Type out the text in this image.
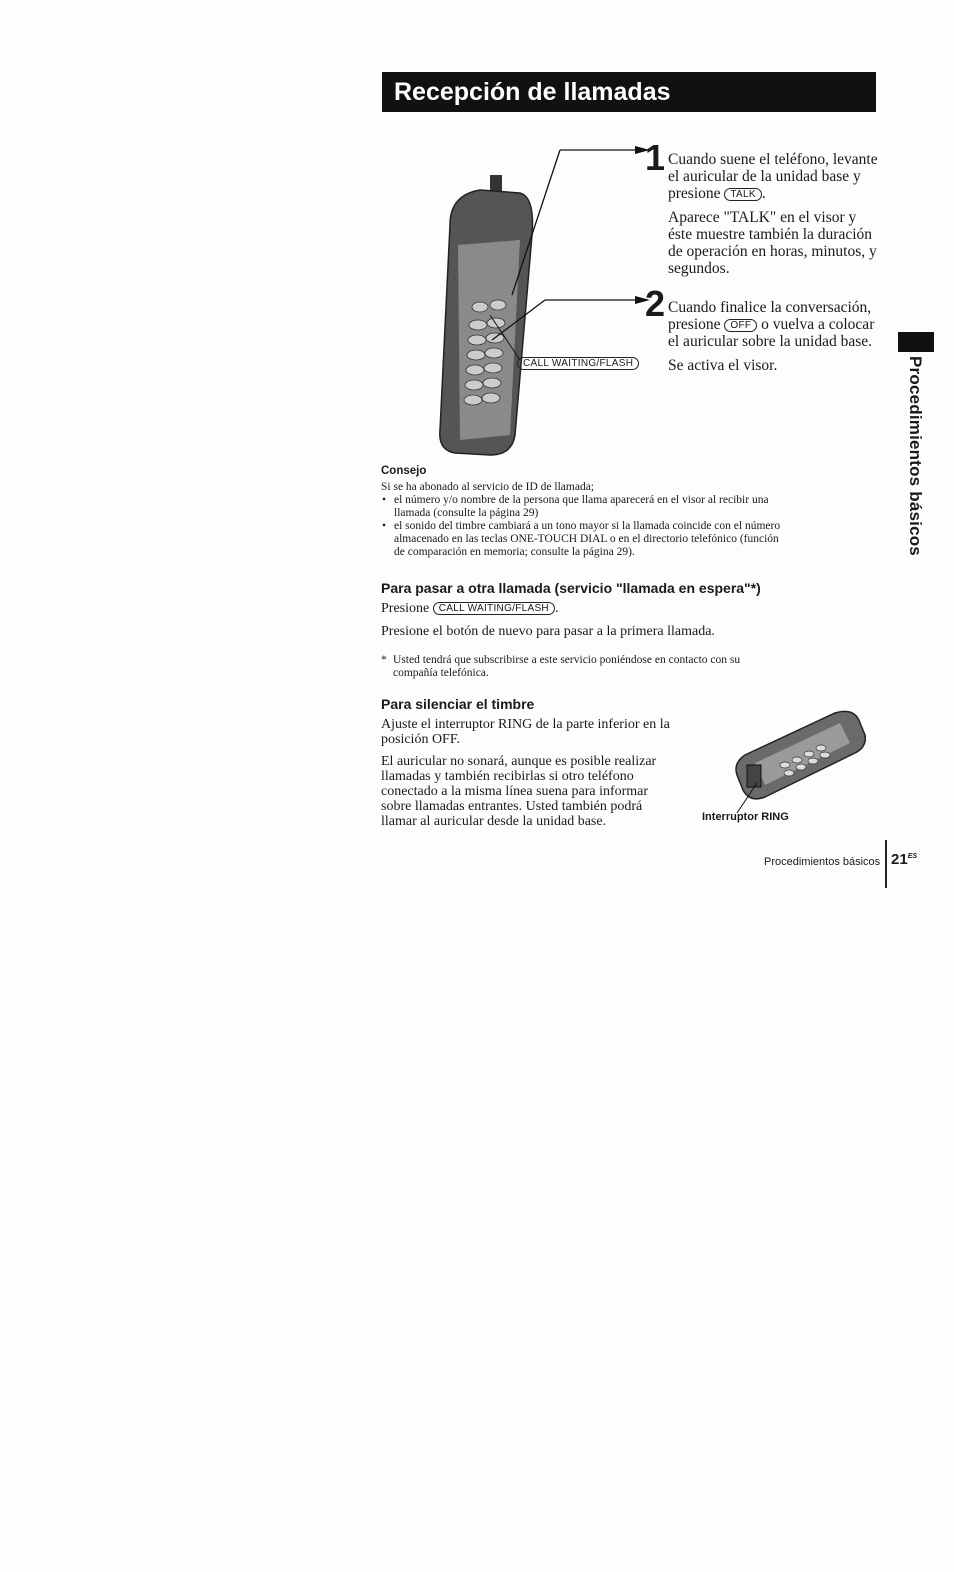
Recepción de llamadas
CALL WAITING/FLASH
1 Cuando suene el teléfono, levante el auricular de la unidad base y presione TALK .

Aparece "TALK" en el visor y éste muestre también la duración de operación en horas, minutos, y segundos.

2 Cuando finalice la conversación, presione OFF o vuelva a colocar el auricular sobre la unidad base.

Se activa el visor.

Consejo
Si se ha abonado al servicio de ID de llamada;
• el número y/o nombre de la persona que llama aparecerá en el visor al recibir una llamada (consulte la página 29)
• el sonido del timbre cambiará a un tono mayor si la llamada coincide con el número almacenado en las teclas ONE-TOUCH DIAL o en el directorio telefónico (función de comparación en memoria; consulte la página 29).
Para pasar a otra llamada (servicio "llamada en espera"*)
Presione CALL WAITING/FLASH .
Presione el botón de nuevo para pasar a la primera llamada.
* Usted tendrá que subscribirse a este servicio poniéndose en contacto con su compañía telefónica.
Para silenciar el timbre

Ajuste el interruptor RING de la parte inferior en la posición OFF.

El auricular no sonará, aunque es posible realizar llamadas y también recibirlas si otro teléfono conectado a la misma línea suena para informar sobre llamadas entrantes. Usted también podrá llamar al auricular desde la unidad base.	Interruptor RING
Procedimientos básicos
Procedimientos básicos $21^{ES}$
